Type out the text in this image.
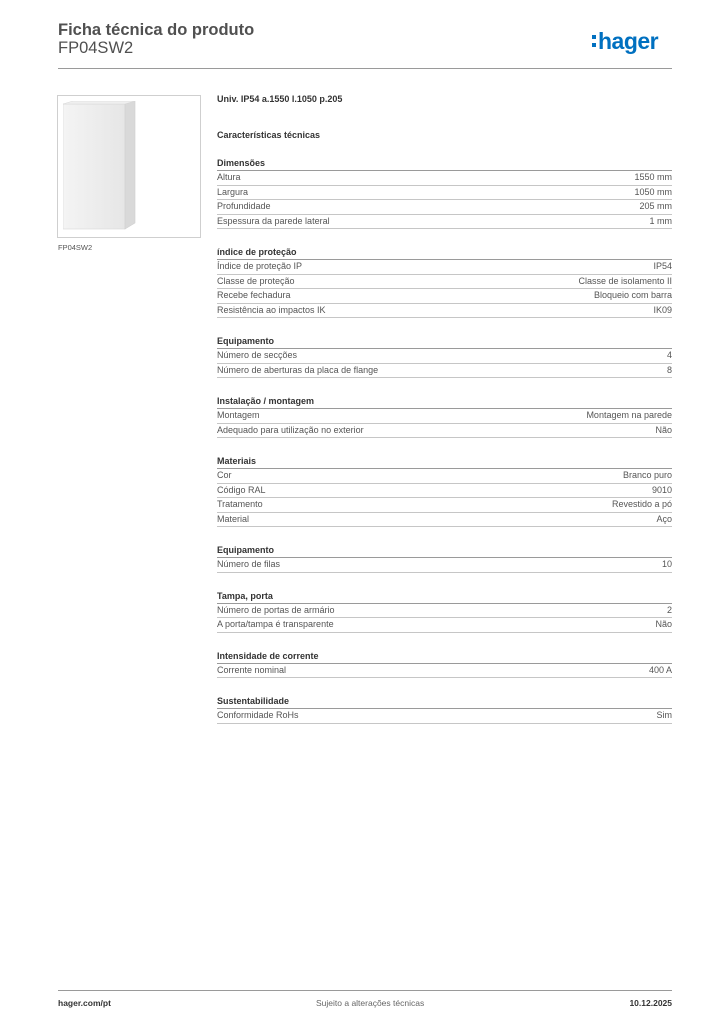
Ficha técnica do produto
FP04SW2	hager
FP04SW2
Univ. IP54 a.1550 l.1050 p.205
Características técnicas
Dimensões
Altura	1550 mm
Largura	1050 mm
Profundidade	205 mm
Espessura da parede lateral	1 mm
índice de proteção
Índice de proteção IP	IP54
Classe de proteção	Classe de isolamento II
Recebe fechadura	Bloqueio com barra
Resistência ao impactos IK	IK09
Equipamento
Número de secções	4
Número de aberturas da placa de flange	8
Instalação / montagem
Montagem	Montagem na parede
Adequado para utilização no exterior	Não
Materiais
Cor	Branco puro
Código RAL	9010
Tratamento	Revestido a pó
Material	Aço
Equipamento
Número de filas	10
Tampa, porta
Número de portas de armário	2
A porta/tampa é transparente	Não
Intensidade de corrente
Corrente nominal	400 A
Sustentabilidade
Conformidade RoHs	Sim
hager.com/pt	Sujeito a alterações técnicas	10.12.2025
